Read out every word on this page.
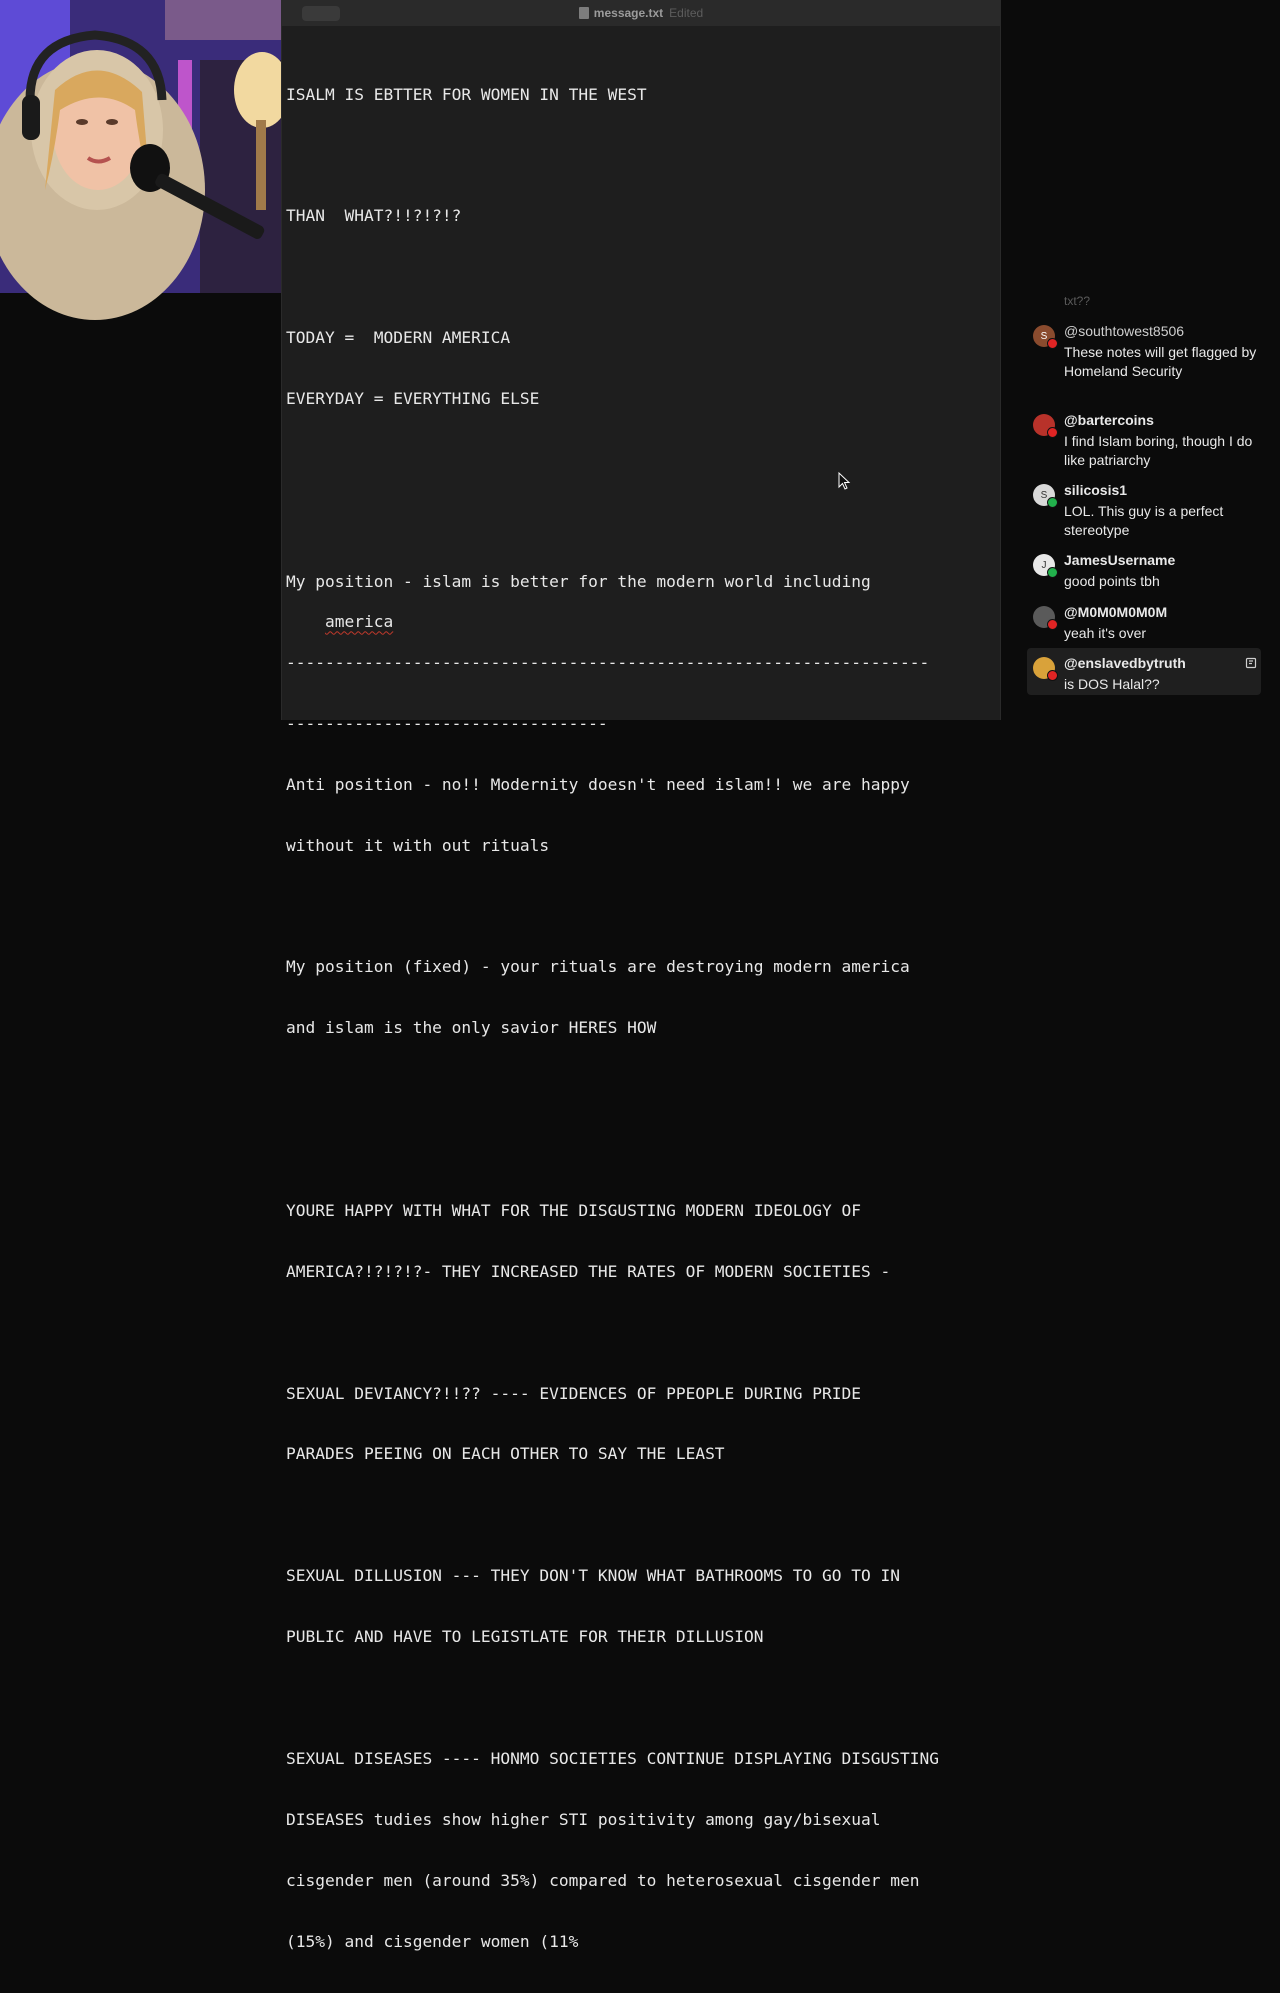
message.txt Edited

ISALM IS EBTTER FOR WOMEN IN THE WEST

THAN  WHAT?!!?!?!?

TODAY =  MODERN AMERICA

EVERYDAY = EVERYTHING ELSE

My position - islam is better for the modern world including

america

------------------------------------------------------------------

---------------------------------

Anti position - no!! Modernity doesn't need islam!! we are happy

without it with out rituals

My position (fixed) - your rituals are destroying modern america

and islam is the only savior HERES HOW

YOURE HAPPY WITH WHAT FOR THE DISGUSTING MODERN IDEOLOGY OF

AMERICA?!?!?!?- THEY INCREASED THE RATES OF MODERN SOCIETIES -

SEXUAL DEVIANCY?!!?? ---- EVIDENCES OF PPEOPLE DURING PRIDE

PARADES PEEING ON EACH OTHER TO SAY THE LEAST

SEXUAL DILLUSION --- THEY DON'T KNOW WHAT BATHROOMS TO GO TO IN

PUBLIC AND HAVE TO LEGISTLATE FOR THEIR DILLUSION

SEXUAL DISEASES ---- HONMO SOCIETIES CONTINUE DISPLAYING DISGUSTING

DISEASES tudies show higher STI positivity among gay/bisexual

cisgender men (around 35%) compared to heterosexual cisgender men

(15%) and cisgender women (11%

txt??
S @southtowest8506
These notes will get flagged by Homeland Security
@bartercoins
I find Islam boring, though I do like patriarchy
S silicosis1
LOL. This guy is a perfect stereotype
J JamesUsername
good points tbh
@M0M0M0M0M
yeah it's over
@enslavedbytruth
is DOS Halal??
